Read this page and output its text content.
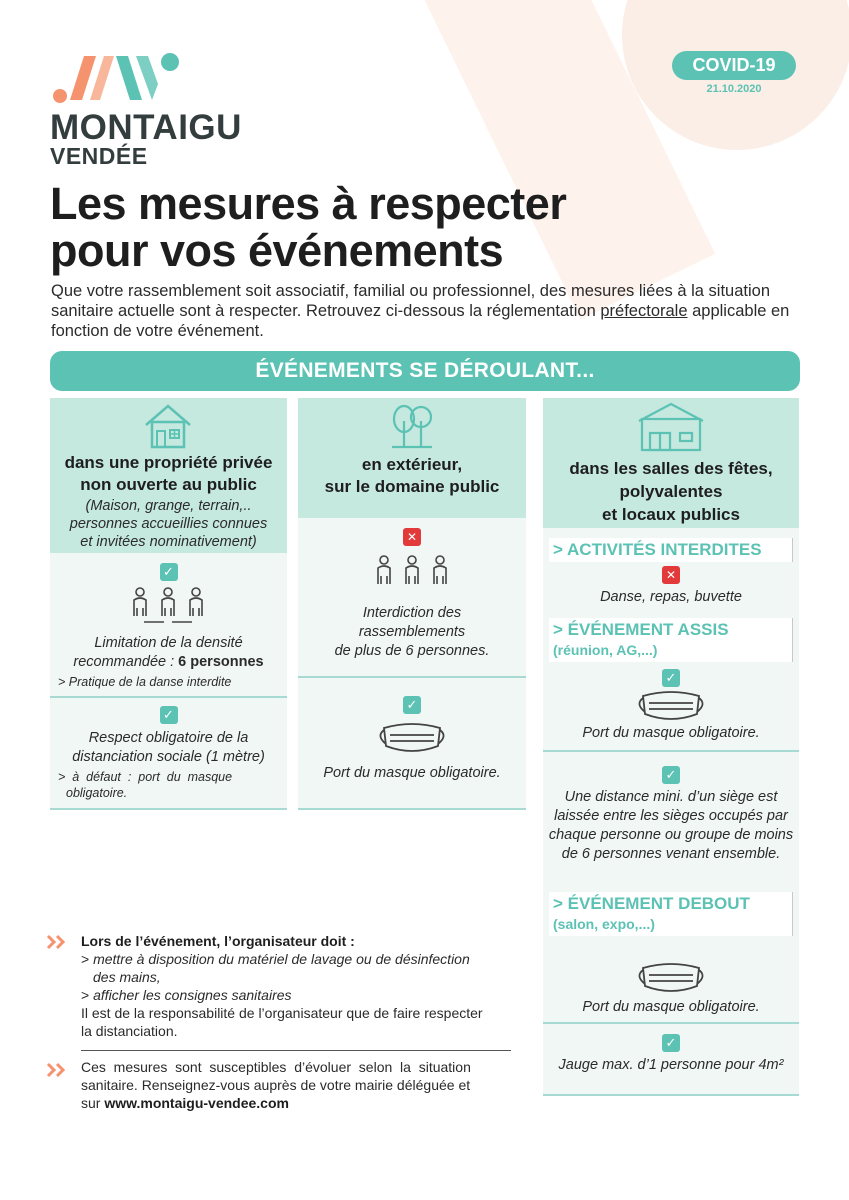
MONTAIGU
VENDÉE
COVID-19
21.10.2020
Les mesures à respecter
pour vos événements
Que votre rassemblement soit associatif, familial ou professionnel, des mesures liées à la situation sanitaire actuelle sont à respecter. Retrouvez ci-dessous la réglementation préfectorale applicable en fonction de votre événement.
ÉVÉNEMENTS SE DÉROULANT...
dans une propriété privée
non ouverte au public
(Maison, grange, terrain,..
personnes accueillies connues
et invitées nominativement)
✓
Limitation de la densité
recommandée : 6 personnes
> Pratique de la danse interdite
✓
Respect obligatoire de la
distanciation sociale (1 mètre)
>  à  défaut  :  port  du  masque
obligatoire.
en extérieur,
sur le domaine public
✕
Interdiction des
rassemblements
de plus de 6 personnes.
✓
Port du masque obligatoire.
dans les salles des fêtes,
polyvalentes
et locaux publics
> ACTIVITÉS INTERDITES
✕
Danse, repas, buvette
> ÉVÉNEMENT ASSIS
(réunion, AG,...)
✓
Port du masque obligatoire.
✓
Une distance mini. d’un siège est
laissée entre les sièges occupés par
chaque personne ou groupe de moins
de 6 personnes venant ensemble.
> ÉVÉNEMENT DEBOUT
(salon, expo,...)
Port du masque obligatoire.
✓
Jauge max. d’1 personne pour 4m²
Lors de l’événement, l’organisateur doit :
> mettre à disposition du matériel de lavage ou de désinfection
des mains,
> afficher les consignes sanitaires
Il est de la responsabilité de l’organisateur que de faire respecter
la distanciation.
Ces  mesures  sont  susceptibles  d’évoluer  selon  la  situation
sanitaire. Renseignez-vous auprès de votre mairie déléguée et
sur www.montaigu-vendee.com
